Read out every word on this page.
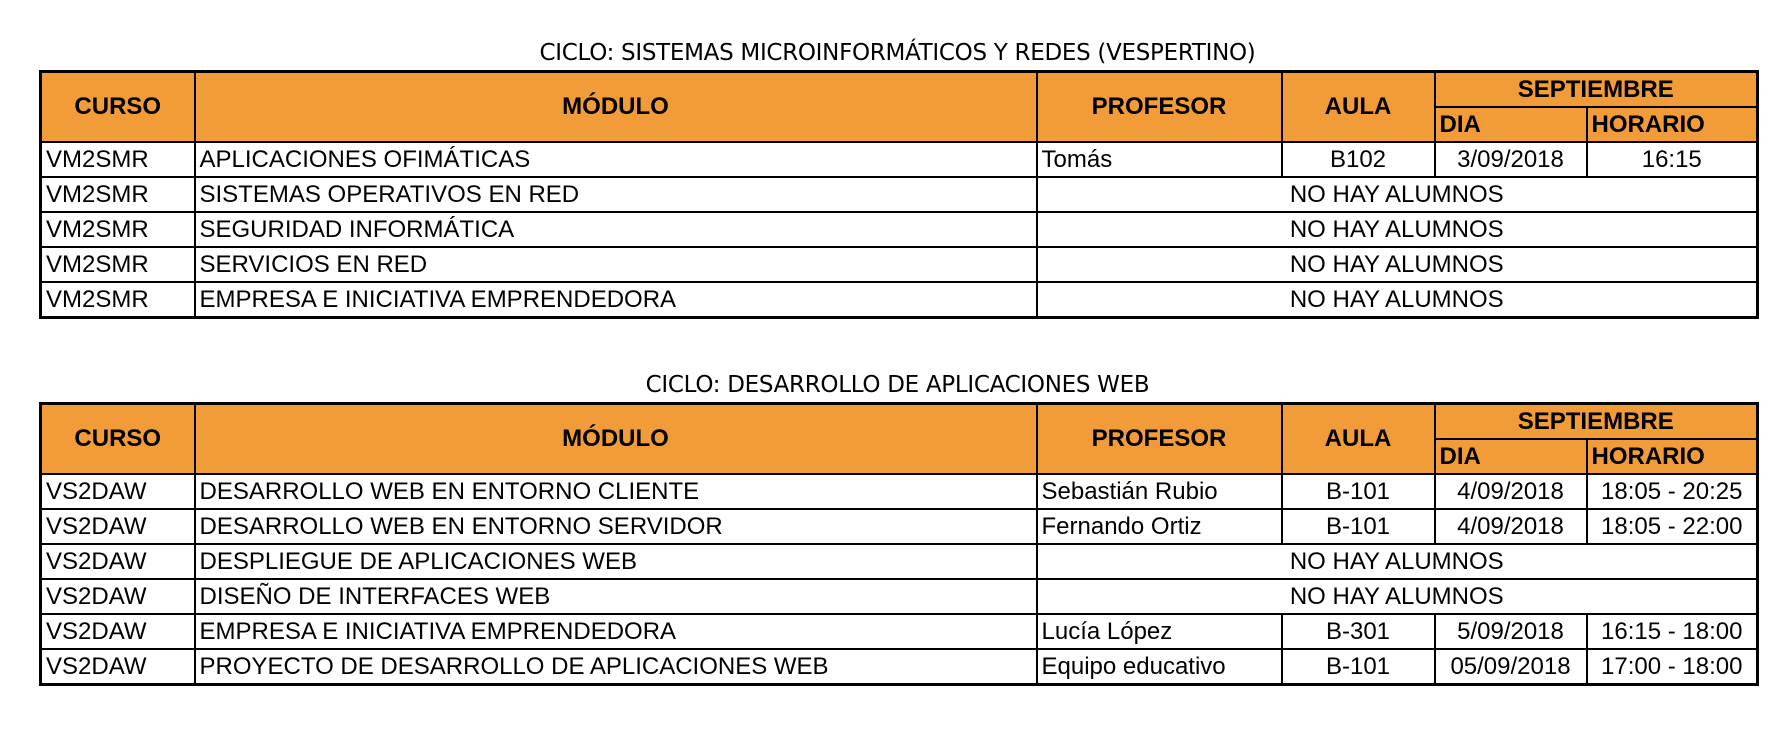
CICLO: SISTEMAS MICROINFORMÁTICOS Y REDES (VESPERTINO)
CURSO	MÓDULO	PROFESOR	AULA	SEPTIEMBRE	
				DIA	HORARIO
VM2SMR	APLICACIONES OFIMÁTICAS	Tomás	B102	3/09/2018	16:15
VM2SMR	SISTEMAS OPERATIVOS EN RED	NO HAY ALUMNOS			
VM2SMR	SEGURIDAD INFORMÁTICA	NO HAY ALUMNOS			
VM2SMR	SERVICIOS EN RED	NO HAY ALUMNOS			
VM2SMR	EMPRESA E INICIATIVA EMPRENDEDORA	NO HAY ALUMNOS			
CICLO: DESARROLLO DE APLICACIONES WEB
CURSO	MÓDULO	PROFESOR	AULA	SEPTIEMBRE	
				DIA	HORARIO
VS2DAW	DESARROLLO WEB EN ENTORNO CLIENTE	Sebastián Rubio	B-101	4/09/2018	18:05 - 20:25
VS2DAW	DESARROLLO WEB EN ENTORNO SERVIDOR	Fernando Ortiz	B-101	4/09/2018	18:05 - 22:00
VS2DAW	DESPLIEGUE DE APLICACIONES WEB	NO HAY ALUMNOS			
VS2DAW	DISEÑO DE INTERFACES WEB	NO HAY ALUMNOS			
VS2DAW	EMPRESA E INICIATIVA EMPRENDEDORA	Lucía López	B-301	5/09/2018	16:15 - 18:00
VS2DAW	PROYECTO DE DESARROLLO DE APLICACIONES WEB	Equipo educativo	B-101	05/09/2018	17:00 - 18:00
